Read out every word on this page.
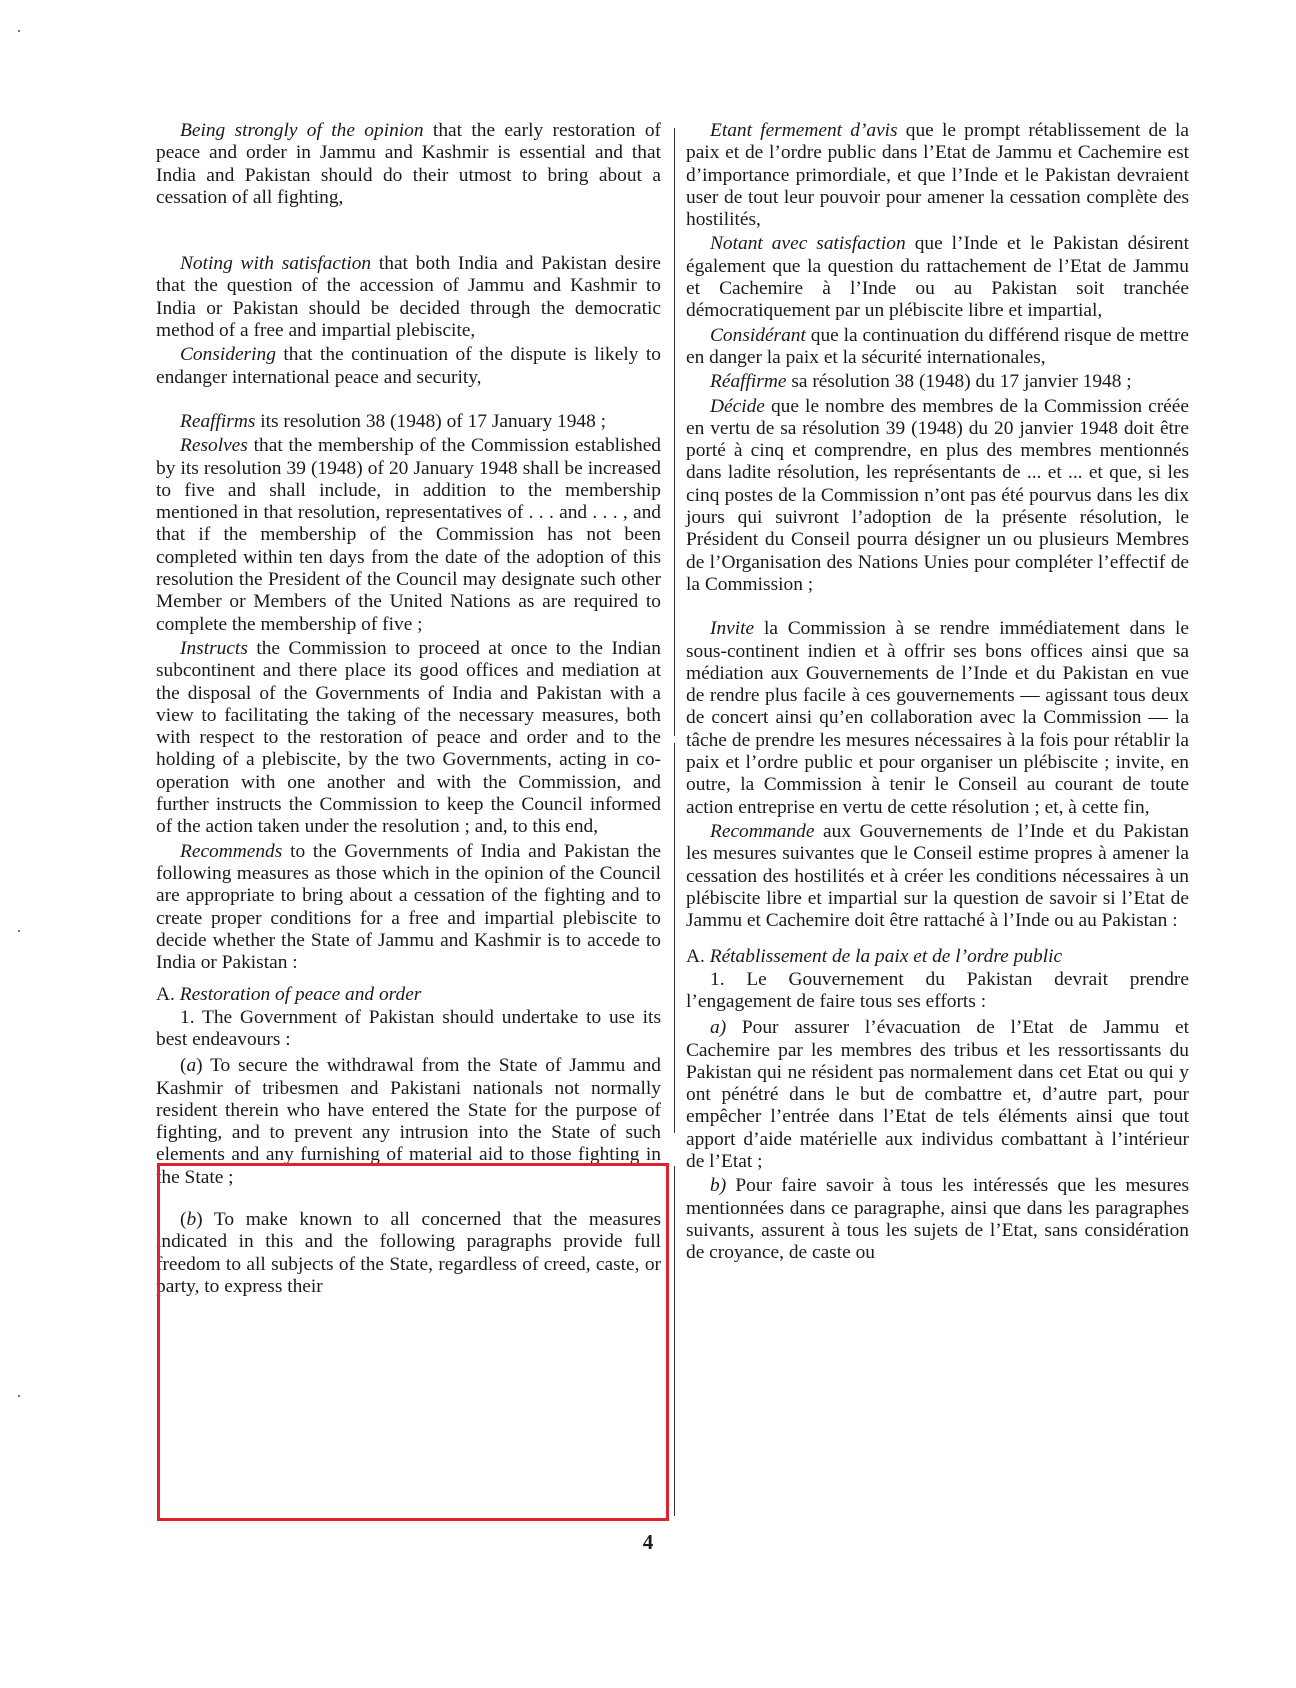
Being strongly of the opinion that the early restoration of peace and order in Jammu and Kashmir is essential and that India and Pakistan should do their utmost to bring about a cessation of all fighting,

Noting with satisfaction that both India and Pakistan desire that the question of the accession of Jammu and Kashmir to India or Pakistan should be decided through the democratic method of a free and impartial plebiscite,

Considering that the continuation of the dispute is likely to endanger international peace and security,

Reaffirms its resolution 38 (1948) of 17 January 1948 ;

Resolves that the membership of the Commission established by its resolution 39 (1948) of 20 January 1948 shall be increased to five and shall include, in addition to the membership mentioned in that resolution, representatives of . . . and . . . , and that if the membership of the Commission has not been completed within ten days from the date of the adoption of this resolution the President of the Council may designate such other Member or Members of the United Nations as are required to complete the membership of five ;

Instructs the Commission to proceed at once to the Indian subcontinent and there place its good offices and mediation at the disposal of the Governments of India and Pakistan with a view to facilitating the taking of the necessary measures, both with respect to the restoration of peace and order and to the holding of a plebiscite, by the two Governments, acting in co-operation with one another and with the Commission, and further instructs the Commission to keep the Council informed of the action taken under the resolution ; and, to this end,

Recommends to the Governments of India and Pakistan the following measures as those which in the opinion of the Council are appropriate to bring about a cessation of the fighting and to create proper conditions for a free and impartial plebiscite to decide whether the State of Jammu and Kashmir is to accede to India or Pakistan :

A. Restoration of peace and order

1. The Government of Pakistan should undertake to use its best endeavours :

(a) To secure the withdrawal from the State of Jammu and Kashmir of tribesmen and Pakistani nationals not normally resident therein who have entered the State for the purpose of fighting, and to prevent any intrusion into the State of such elements and any furnishing of material aid to those fighting in the State ;

(b) To make known to all concerned that the measures indicated in this and the following paragraphs provide full freedom to all subjects of the State, regardless of creed, caste, or party, to express their

Etant fermement d’avis que le prompt rétablissement de la paix et de l’ordre public dans l’Etat de Jammu et Cachemire est d’importance primordiale, et que l’Inde et le Pakistan devraient user de tout leur pouvoir pour amener la cessation complète des hostilités,

Notant avec satisfaction que l’Inde et le Pakistan désirent également que la question du rattachement de l’Etat de Jammu et Cachemire à l’Inde ou au Pakistan soit tranchée démocratiquement par un plébiscite libre et impartial,

Considérant que la continuation du différend risque de mettre en danger la paix et la sécurité internationales,

Réaffirme sa résolution 38 (1948) du 17 janvier 1948 ;

Décide que le nombre des membres de la Commission créée en vertu de sa résolution 39 (1948) du 20 janvier 1948 doit être porté à cinq et comprendre, en plus des membres mentionnés dans ladite résolution, les représentants de ... et ... et que, si les cinq postes de la Commission n’ont pas été pourvus dans les dix jours qui suivront l’adoption de la présente résolution, le Président du Conseil pourra désigner un ou plusieurs Membres de l’Organisation des Nations Unies pour compléter l’effectif de la Commission ;

Invite la Commission à se rendre immédiatement dans le sous-continent indien et à offrir ses bons offices ainsi que sa médiation aux Gouvernements de l’Inde et du Pakistan en vue de rendre plus facile à ces gouvernements — agissant tous deux de concert ainsi qu’en collaboration avec la Commission — la tâche de prendre les mesures nécessaires à la fois pour rétablir la paix et l’ordre public et pour organiser un plébiscite ; invite, en outre, la Commission à tenir le Conseil au courant de toute action entreprise en vertu de cette résolution ; et, à cette fin,

Recommande aux Gouvernements de l’Inde et du Pakistan les mesures suivantes que le Conseil estime propres à amener la cessation des hostilités et à créer les conditions nécessaires à un plébiscite libre et impartial sur la question de savoir si l’Etat de Jammu et Cachemire doit être rattaché à l’Inde ou au Pakistan :

A. Rétablissement de la paix et de l’ordre public

1. Le Gouvernement du Pakistan devrait prendre l’engagement de faire tous ses efforts :

a) Pour assurer l’évacuation de l’Etat de Jammu et Cachemire par les membres des tribus et les ressortissants du Pakistan qui ne résident pas normalement dans cet Etat ou qui y ont pénétré dans le but de combattre et, d’autre part, pour empêcher l’entrée dans l’Etat de tels éléments ainsi que tout apport d’aide matérielle aux individus combattant à l’intérieur de l’Etat ;

b) Pour faire savoir à tous les intéressés que les mesures mentionnées dans ce paragraphe, ainsi que dans les paragraphes suivants, assurent à tous les sujets de l’Etat, sans considération de croyance, de caste ou

4
